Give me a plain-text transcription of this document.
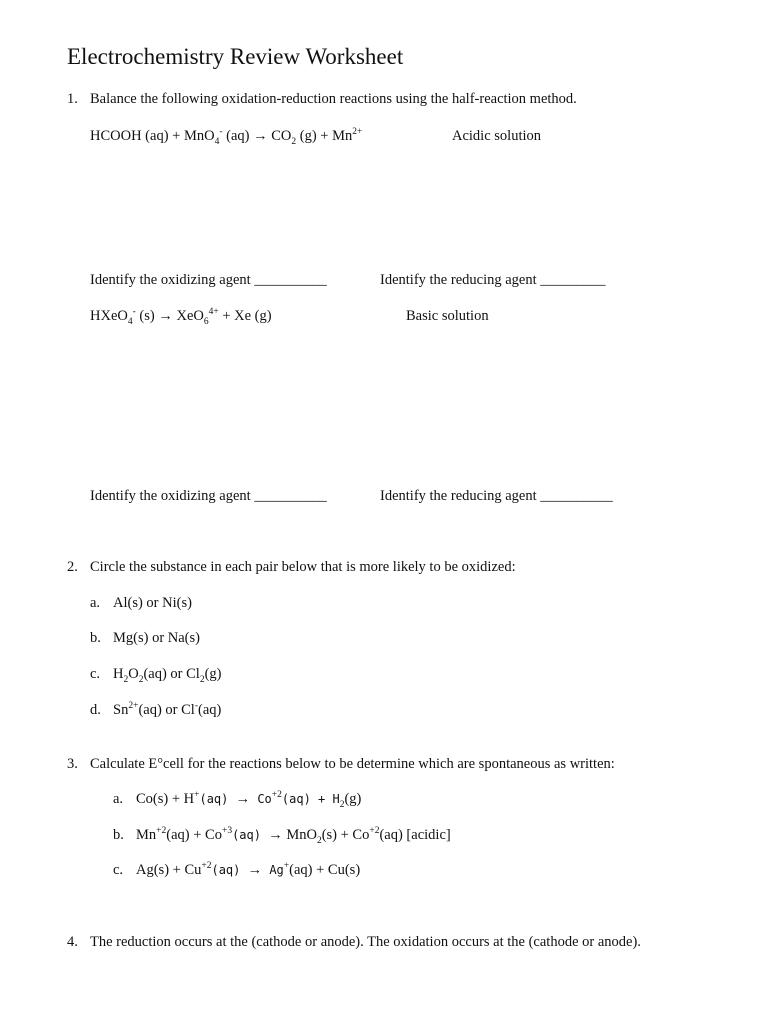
Electrochemistry Review Worksheet
1. Balance the following oxidation-reduction reactions using the half-reaction method.
HCOOH (aq) + MnO$_4$- $(aq) \to CO_2$ $(g) + Mn^{2+}$	Acidic solution
Identify the oxidizing agent __________	Identify the reducing agent _________
HXeO$_4$- (s) → XeO$_6^{4+}$ + Xe (g)	Basic solution
Identify the oxidizing agent __________	Identify the reducing agent __________
2. Circle the substance in each pair below that is more likely to be oxidized:
a. Al(s) or Ni(s)
b. Mg(s) or Na(s)
c. $H_2O_2(aq)$ or $Cl_2(g)$
d. $Sn^{2+}(aq)$ or Cl-(aq)
3. Calculate E°cell for the reactions below to be determine which are spontaneous as written:
a. $Co(s) + H^+(aq) \to Co^{+2}(aq) + H_2(g)$
b. $Mn^{+2}(aq) + Co^{+3}(aq) \to MnO_2(s) + Co^{+2}(aq)$ [acidic]
c. $Ag(s) + Cu^{+2}(aq) \to Ag^+(aq) + Cu(s)$
4. The reduction occurs at the (cathode or anode). The oxidation occurs at the (cathode or anode).
